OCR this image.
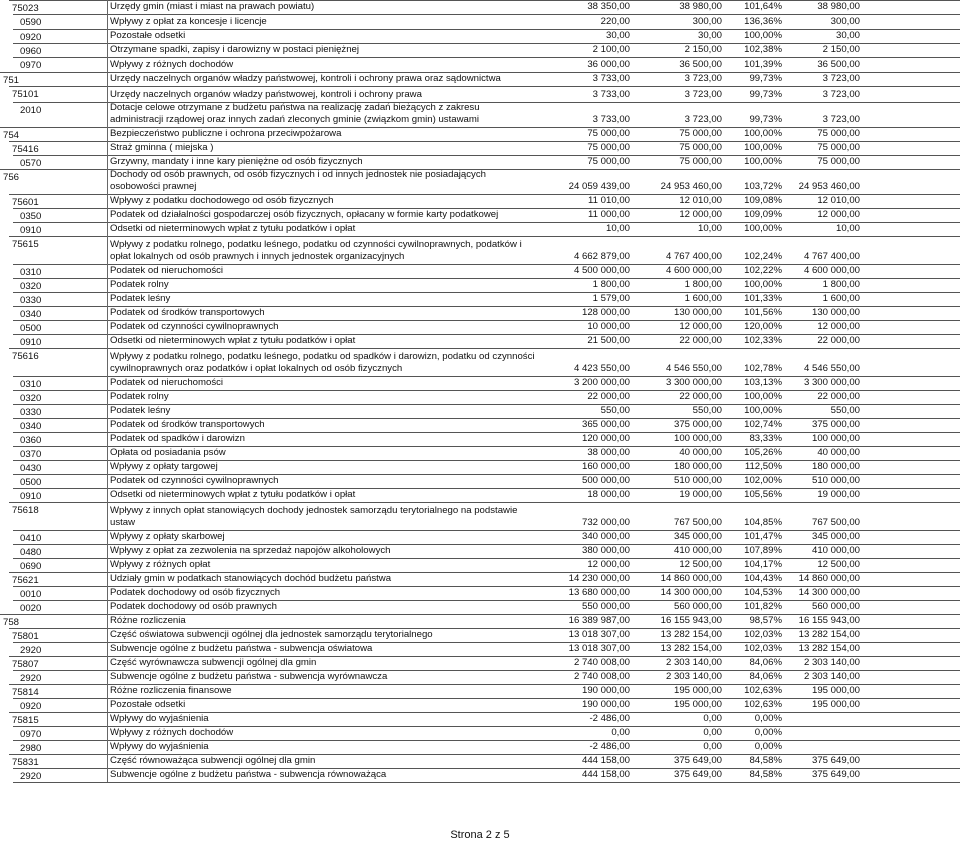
75023	Urzędy gmin (miast i miast na prawach powiatu)	38 350,00	38 980,00	101,64%	38 980,00
0590	Wpływy z opłat za koncesje i licencje	220,00	300,00	136,36%	300,00
0920	Pozostałe odsetki	30,00	30,00	100,00%	30,00
0960	Otrzymane spadki, zapisy i darowizny w postaci pieniężnej	2 100,00	2 150,00	102,38%	2 150,00
0970	Wpływy z różnych dochodów	36 000,00	36 500,00	101,39%	36 500,00
751	Urzędy naczelnych organów władzy państwowej, kontroli i ochrony prawa oraz sądownictwa	3 733,00	3 723,00	99,73%	3 723,00
75101	Urzędy naczelnych organów władzy państwowej, kontroli i ochrony prawa	3 733,00	3 723,00	99,73%	3 723,00
2010	Dotacje celowe otrzymane z budżetu państwa na realizację zadań bieżących z zakresu administracji rządowej oraz innych zadań zleconych gminie (związkom gmin) ustawami	3 733,00	3 723,00	99,73%	3 723,00
754	Bezpieczeństwo publiczne i ochrona przeciwpożarowa	75 000,00	75 000,00	100,00%	75 000,00
75416	Straż gminna ( miejska )	75 000,00	75 000,00	100,00%	75 000,00
0570	Grzywny, mandaty i inne kary pieniężne od osób fizycznych	75 000,00	75 000,00	100,00%	75 000,00
756	Dochody od osób prawnych, od osób fizycznych i od innych jednostek nie posiadających osobowości prawnej	24 059 439,00	24 953 460,00	103,72%	24 953 460,00
75601	Wpływy z podatku dochodowego od osób fizycznych	11 010,00	12 010,00	109,08%	12 010,00
0350	Podatek od działalności gospodarczej osób fizycznych, opłacany w formie karty podatkowej	11 000,00	12 000,00	109,09%	12 000,00
0910	Odsetki od nieterminowych wpłat z tytułu podatków i opłat	10,00	10,00	100,00%	10,00
75615	Wpływy z podatku rolnego, podatku leśnego, podatku od czynności cywilnoprawnych, podatków i opłat lokalnych od osób prawnych i innych jednostek organizacyjnych	4 662 879,00	4 767 400,00	102,24%	4 767 400,00
0310	Podatek od nieruchomości	4 500 000,00	4 600 000,00	102,22%	4 600 000,00
0320	Podatek rolny	1 800,00	1 800,00	100,00%	1 800,00
0330	Podatek leśny	1 579,00	1 600,00	101,33%	1 600,00
0340	Podatek od środków transportowych	128 000,00	130 000,00	101,56%	130 000,00
0500	Podatek od czynności cywilnoprawnych	10 000,00	12 000,00	120,00%	12 000,00
0910	Odsetki od nieterminowych wpłat z tytułu podatków i opłat	21 500,00	22 000,00	102,33%	22 000,00
75616	Wpływy z podatku rolnego, podatku leśnego, podatku od spadków i darowizn, podatku od czynności cywilnoprawnych oraz podatków i opłat lokalnych od osób fizycznych	4 423 550,00	4 546 550,00	102,78%	4 546 550,00
0310	Podatek od nieruchomości	3 200 000,00	3 300 000,00	103,13%	3 300 000,00
0320	Podatek rolny	22 000,00	22 000,00	100,00%	22 000,00
0330	Podatek leśny	550,00	550,00	100,00%	550,00
0340	Podatek od środków transportowych	365 000,00	375 000,00	102,74%	375 000,00
0360	Podatek od spadków i darowizn	120 000,00	100 000,00	83,33%	100 000,00
0370	Opłata od posiadania psów	38 000,00	40 000,00	105,26%	40 000,00
0430	Wpływy z opłaty targowej	160 000,00	180 000,00	112,50%	180 000,00
0500	Podatek od czynności cywilnoprawnych	500 000,00	510 000,00	102,00%	510 000,00
0910	Odsetki od nieterminowych wpłat z tytułu podatków i opłat	18 000,00	19 000,00	105,56%	19 000,00
75618	Wpływy z innych opłat stanowiących dochody jednostek samorządu terytorialnego na podstawie ustaw	732 000,00	767 500,00	104,85%	767 500,00
0410	Wpływy z opłaty skarbowej	340 000,00	345 000,00	101,47%	345 000,00
0480	Wpływy z opłat za zezwolenia na sprzedaż napojów alkoholowych	380 000,00	410 000,00	107,89%	410 000,00
0690	Wpływy z różnych opłat	12 000,00	12 500,00	104,17%	12 500,00
75621	Udziały gmin w podatkach stanowiących dochód budżetu państwa	14 230 000,00	14 860 000,00	104,43%	14 860 000,00
0010	Podatek dochodowy od osób fizycznych	13 680 000,00	14 300 000,00	104,53%	14 300 000,00
0020	Podatek dochodowy od osób prawnych	550 000,00	560 000,00	101,82%	560 000,00
758	Różne rozliczenia	16 389 987,00	16 155 943,00	98,57%	16 155 943,00
75801	Część oświatowa subwencji ogólnej dla jednostek samorządu terytorialnego	13 018 307,00	13 282 154,00	102,03%	13 282 154,00
2920	Subwencje ogólne z budżetu państwa - subwencja oświatowa	13 018 307,00	13 282 154,00	102,03%	13 282 154,00
75807	Część wyrównawcza subwencji ogólnej dla gmin	2 740 008,00	2 303 140,00	84,06%	2 303 140,00
2920	Subwencje ogólne z budżetu państwa - subwencja wyrównawcza	2 740 008,00	2 303 140,00	84,06%	2 303 140,00
75814	Różne rozliczenia finansowe	190 000,00	195 000,00	102,63%	195 000,00
0920	Pozostałe odsetki	190 000,00	195 000,00	102,63%	195 000,00
75815	Wpływy do wyjaśnienia	-2 486,00	0,00	0,00%
0970	Wpływy z różnych dochodów	0,00	0,00	0,00%
2980	Wpływy do wyjaśnienia	-2 486,00	0,00	0,00%
75831	Część równoważąca subwencji ogólnej dla gmin	444 158,00	375 649,00	84,58%	375 649,00
2920	Subwencje ogólne z budżetu państwa - subwencja równoważąca	444 158,00	375 649,00	84,58%	375 649,00
Strona 2 z 5
